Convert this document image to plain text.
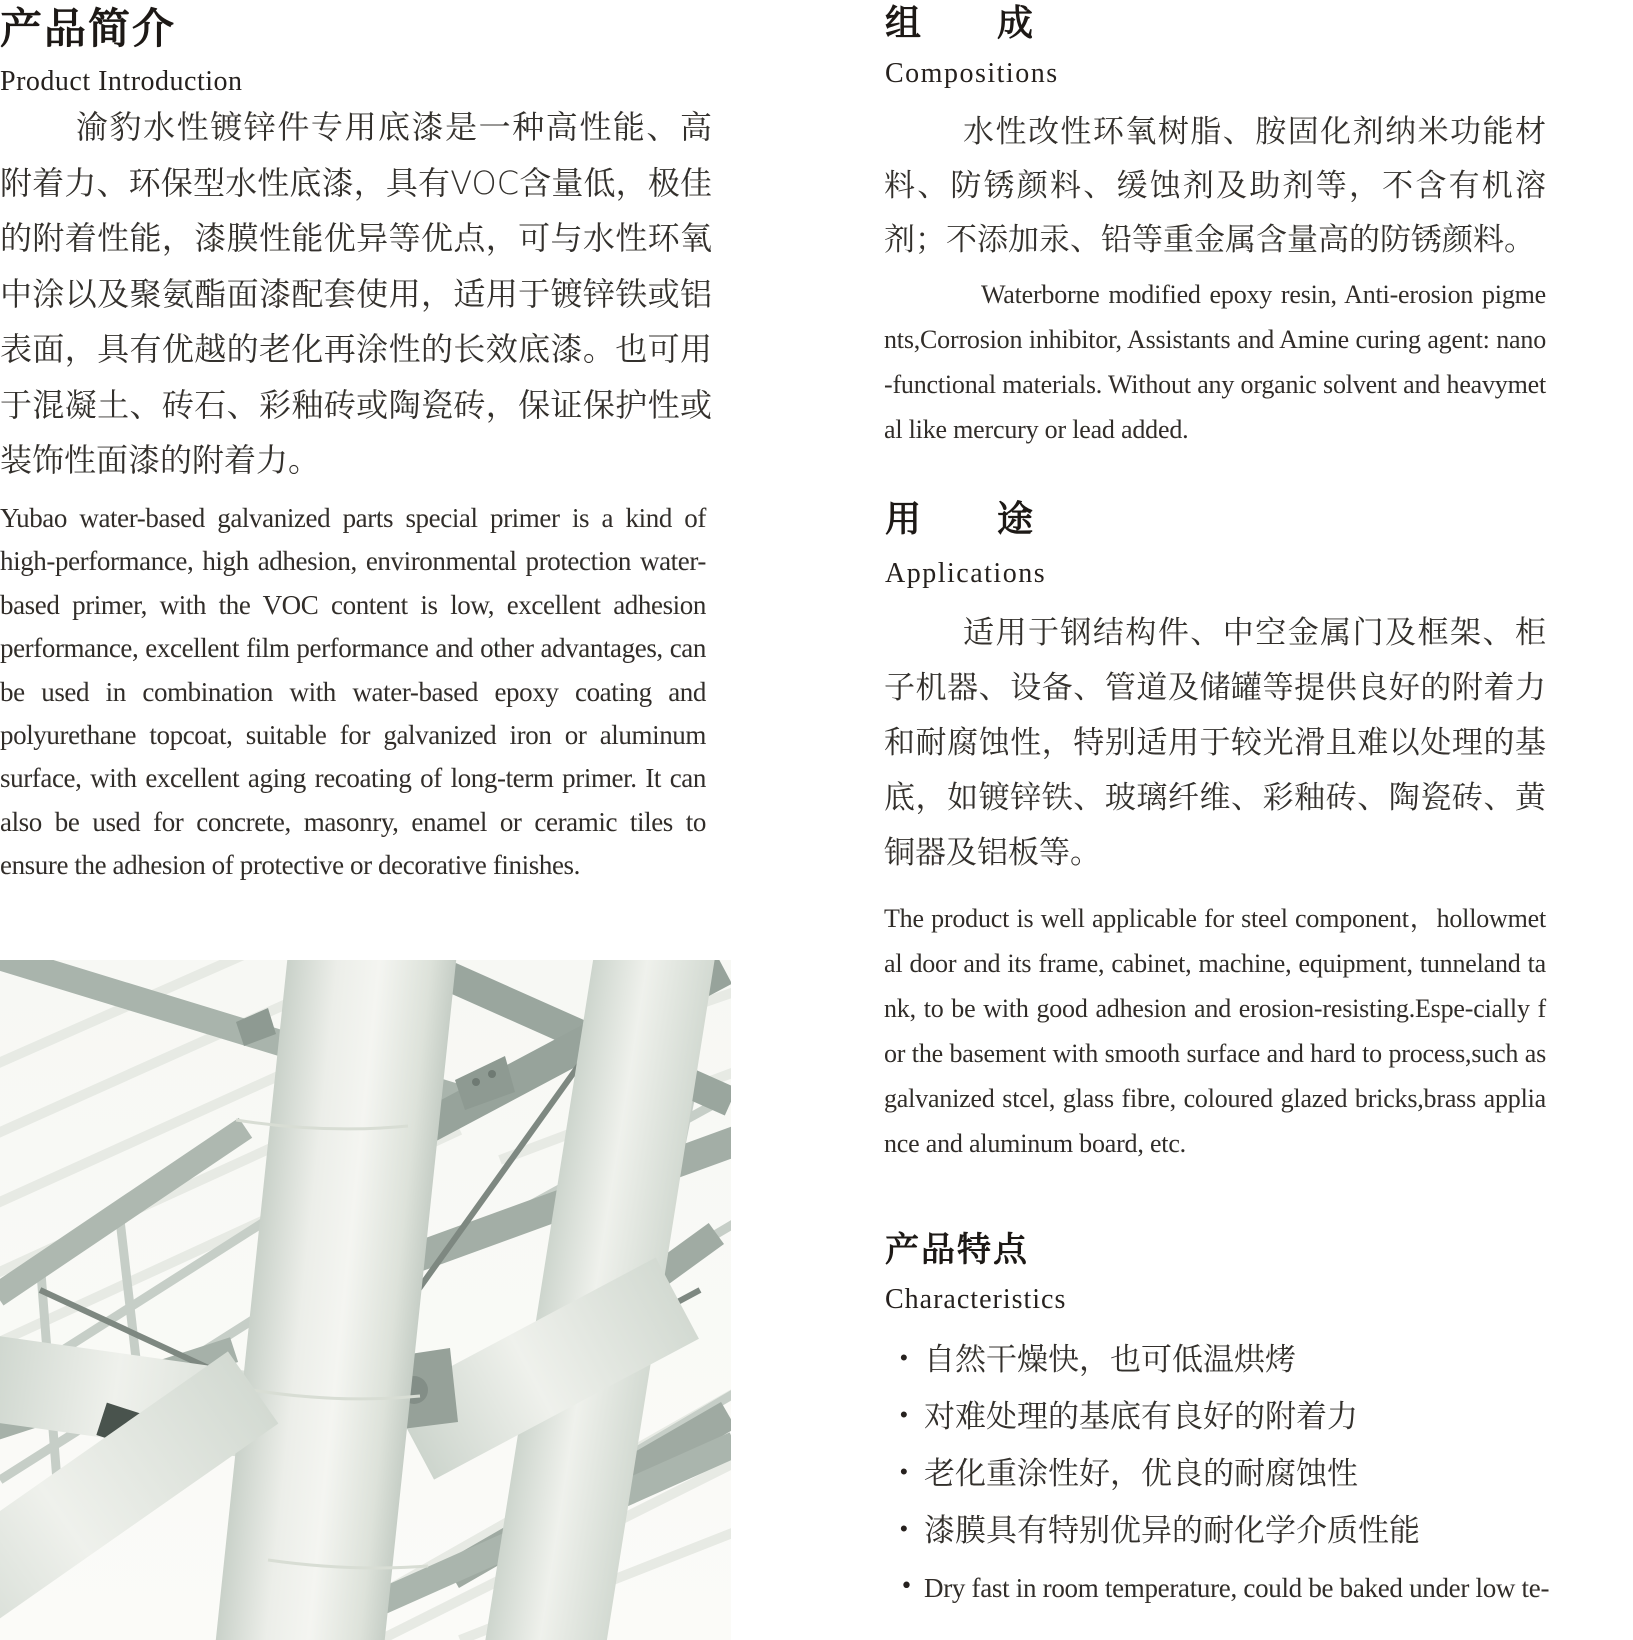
产品简介
Product Introduction
渝豹水性镀锌件专用底漆是一种高性能、高附着力、环保型水性底漆，具有VOC含量低，极佳的附着性能，漆膜性能优异等优点，可与水性环氧中涂以及聚氨酯面漆配套使用，适用于镀锌铁或铝表面，具有优越的老化再涂性的长效底漆。也可用于混凝土、砖石、彩釉砖或陶瓷砖，保证保护性或装饰性面漆的附着力。
Yubao water-based galvanized parts special primer is a kind of high-performance, high adhesion, environmental protection water-based primer, with the VOC content is low, excellent adhesion performance, excellent film performance and other advantages, can be used in combination with water-based epoxy coating and polyurethane topcoat, suitable for galvanized iron or aluminum surface, with excellent aging recoating of long-term primer. It can also be used for concrete, masonry, enamel or ceramic tiles to ensure the adhesion of protective or decorative finishes.
组 成
Compositions
水性改性环氧树脂、胺固化剂纳米功能材料、防锈颜料、缓蚀剂及助剂等，不含有机溶剂；不添加汞、铅等重金属含量高的防锈颜料。
Waterborne modified epoxy resin, Anti-erosion pigments,Corrosion inhibitor, Assistants and Amine curing agent: nano-functional materials. Without any organic solvent and heavymetal like mercury or lead added.
用 途
Applications
适用于钢结构件、中空金属门及框架、柜子机器、设备、管道及储罐等提供良好的附着力和耐腐蚀性，特别适用于较光滑且难以处理的基底，如镀锌铁、玻璃纤维、彩釉砖、陶瓷砖、黄铜器及铝板等。
The product is well applicable for steel component，hollowmetal door and its frame, cabinet, machine, equipment, tunneland tank, to be with good adhesion and erosion-resisting.Espe-cially for the basement with smooth surface and hard to process,such as galvanized stcel, glass fibre, coloured glazed bricks,brass appliance and aluminum board, etc.
产品特点
Characteristics
• 自然干燥快，也可低温烘烤
• 对难处理的基底有良好的附着力
• 老化重涂性好，优良的耐腐蚀性
• 漆膜具有特别优异的耐化学介质性能
• Dry fast in room temperature, could be baked under low te-
